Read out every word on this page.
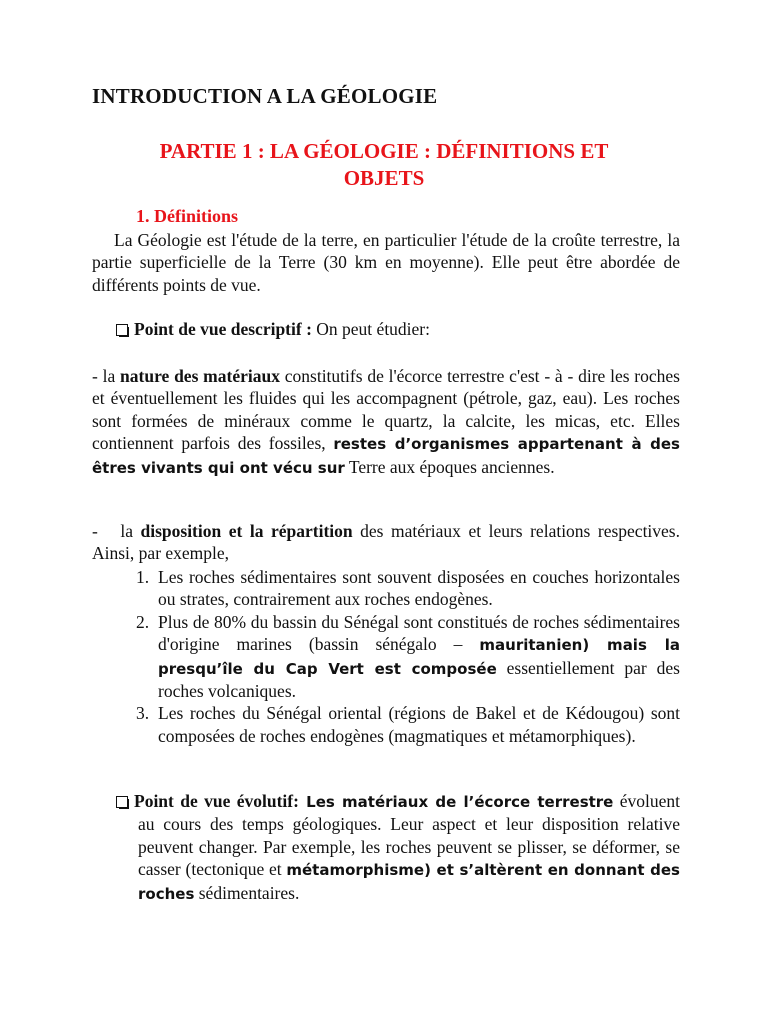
INTRODUCTION A LA GÉOLOGIE
PARTIE 1 : LA GÉOLOGIE : DÉFINITIONS ET
OBJETS
1. Définitions
La Géologie est l'étude de la terre, en particulier l'étude de la croûte terrestre, la partie superficielle de la Terre (30 km en moyenne). Elle peut être abordée de différents points de vue.
Point de vue descriptif : On peut étudier:
- la nature des matériaux constitutifs de l'écorce terrestre c'est - à - dire les roches et éventuellement les fluides qui les accompagnent (pétrole, gaz, eau). Les roches sont formées de minéraux comme le quartz, la calcite, les micas, etc. Elles contiennent parfois des fossiles, restes d’organismes appartenant à des êtres vivants qui ont vécu sur Terre aux époques anciennes.
-   la disposition et la répartition des matériaux et leurs relations respectives. Ainsi, par exemple,
1. Les roches sédimentaires sont souvent disposées en couches horizontales ou strates, contrairement aux roches endogènes.
2. Plus de 80% du bassin du Sénégal sont constitués de roches sédimentaires d'origine marines (bassin sénégalo – mauritanien) mais la presqu’île du Cap Vert est composée essentiellement par des roches volcaniques.
3. Les roches du Sénégal oriental (régions de Bakel et de Kédougou) sont composées de roches endogènes (magmatiques et métamorphiques).
Point de vue évolutif: Les matériaux de l’écorce terrestre évoluent au cours des temps géologiques. Leur aspect et leur disposition relative peuvent changer. Par exemple, les roches peuvent se plisser, se déformer, se casser (tectonique et métamorphisme) et s’altèrent en donnant des roches sédimentaires.
